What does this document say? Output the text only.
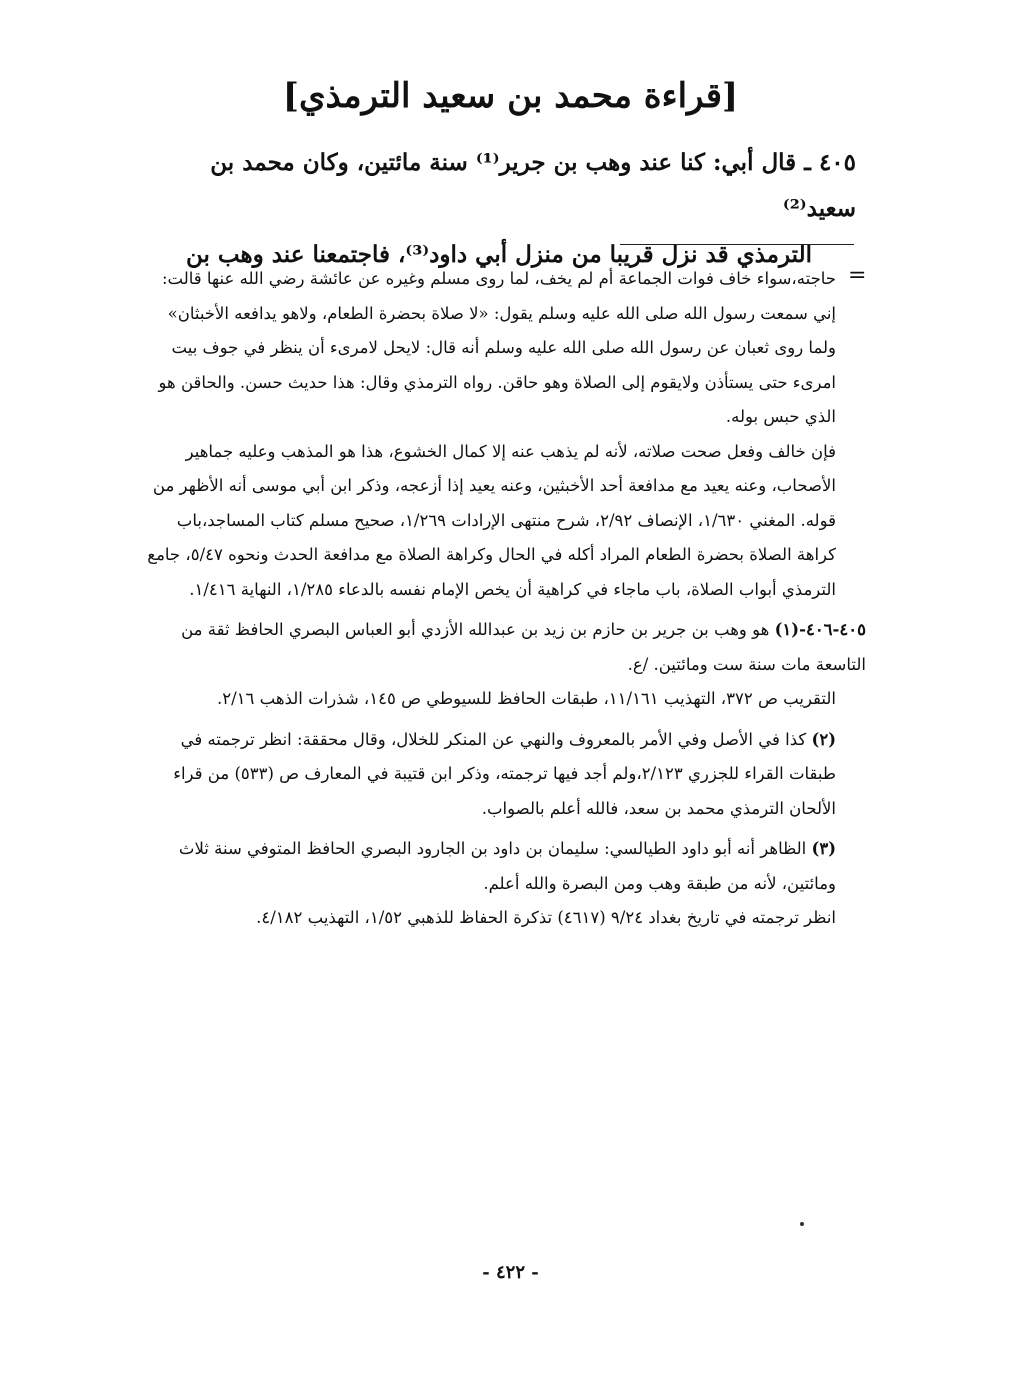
[قراءة محمد بن سعيد الترمذي]

٤٠٥ ـ قال أبي: كنا عند وهب بن جرير⁽¹⁾ سنة مائتين، وكان محمد بن سعيد⁽²⁾

الترمذي قد نزل قريبا من منزل أبي داود⁽³⁾، فاجتمعنا عند وهب بن

=

حاجته،سواء خاف فوات الجماعة أم لم يخف، لما روى مسلم وغيره عن عائشة رضي الله عنها قالت: إني سمعت رسول الله صلى الله عليه وسلم يقول: «لا صلاة بحضرة الطعام، ولاهو يدافعه الأخبثان» ولما روى ثعبان عن رسول الله صلى الله عليه وسلم أنه قال: لايحل لامرىء أن ينظر في جوف بيت امرىء حتى يستأذن ولايقوم إلى الصلاة وهو حاقن. رواه الترمذي وقال: هذا حديث حسن. والحاقن هو الذي حبس بوله.

فإن خالف وفعل صحت صلاته، لأنه لم يذهب عنه إلا كمال الخشوع، هذا هو المذهب وعليه جماهير الأصحاب، وعنه يعيد مع مدافعة أحد الأخبثين، وعنه يعيد إذا أزعجه، وذكر ابن أبي موسى أنه الأظهر من قوله. المغني ١/٦٣٠، الإنصاف ٢/٩٢، شرح منتهى الإرادات ١/٢٦٩، صحيح مسلم كتاب المساجد،باب كراهة الصلاة بحضرة الطعام المراد أكله في الحال وكراهة الصلاة مع مدافعة الحدث ونحوه ٥/٤٧، جامع الترمذي أبواب الصلاة، باب ماجاء في كراهية أن يخص الإمام نفسه بالدعاء ١/٢٨٥، النهاية ١/٤١٦.

٤٠٥-٤٠٦-(١) هو وهب بن جرير بن حازم بن زيد بن عبدالله الأزدي أبو العباس البصري الحافظ ثقة من التاسعة مات سنة ست ومائتين. /ع.

التقريب ص ٣٧٢، التهذيب ١١/١٦١، طبقات الحافظ للسيوطي ص ١٤٥، شذرات الذهب ٢/١٦.

(٢) كذا في الأصل وفي الأمر بالمعروف والنهي عن المنكر للخلال، وقال محققة: انظر ترجمته في طبقات القراء للجزري ٢/١٢٣،ولم أجد فيها ترجمته، وذكر ابن قتيبة في المعارف ص (٥٣٣) من قراء الألحان الترمذي محمد بن سعد، فالله أعلم بالصواب.

(٣) الظاهر أنه أبو داود الطيالسي: سليمان بن داود بن الجارود البصري الحافظ المتوفي سنة ثلاث ومائتين، لأنه من طبقة وهب ومن البصرة والله أعلم.

انظر ترجمته في تاريخ بغداد ٩/٢٤ (٤٦١٧) تذكرة الحفاظ للذهبي ١/٥٢، التهذيب ٤/١٨٢.

- ٤٢٢ -
